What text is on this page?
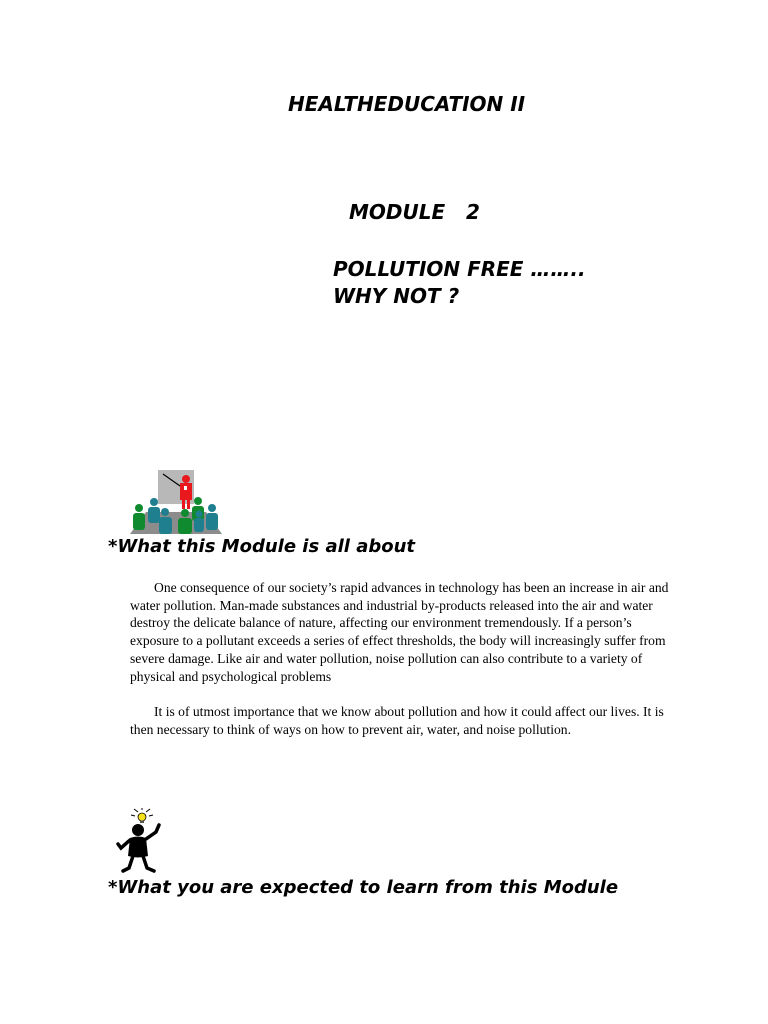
HEALTHEDUCATION II
MODULE   2
POLLUTION FREE ……..
WHY NOT ?
*What this Module is all about

One consequence of our society’s rapid advances in technology has been an increase in air and water pollution. Man-made substances and industrial by-products released into the air and water destroy the delicate balance of nature, affecting our environment tremendously. If a person’s exposure to a pollutant exceeds a series of effect thresholds, the body will increasingly suffer from severe damage. Like air and water pollution, noise pollution can also contribute to a variety of physical and psychological problems

It is of utmost importance that we know about pollution and how it could affect our lives. It is then necessary to think of ways on how to prevent air, water, and noise pollution.

*What you are expected to learn from this Module
